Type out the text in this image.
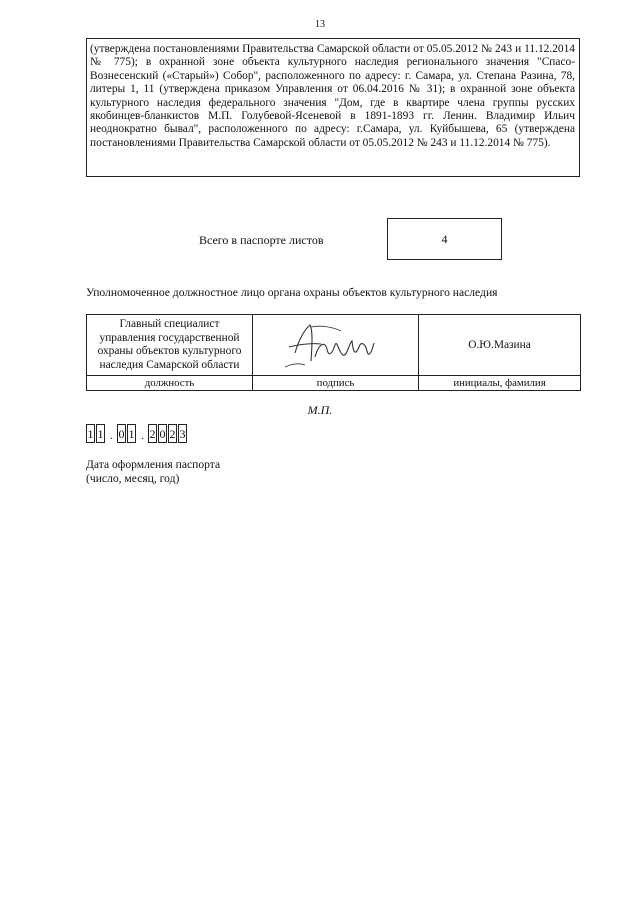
13
(утверждена постановлениями Правительства Самарской области от 05.05.2012 № 243 и 11.12.2014 № 775); в охранной зоне объекта культурного наследия регионального значения "Спасо-Вознесенский («Старый») Собор", расположенного по адресу: г. Самара, ул. Степана Разина, 78, литеры 1, 11 (утверждена приказом Управления от 06.04.2016 № 31); в охранной зоне объекта культурного наследия федерального значения "Дом, где в квартире члена группы русских якобинцев-бланкистов М.П. Голубевой-Ясеневой в 1891-1893 гг. Ленин. Владимир Ильич неоднократно бывал", расположенного по адресу: г.Самара, ул. Куйбышева, 65 (утверждена постановлениями Правительства Самарской области от 05.05.2012 № 243 и 11.12.2014 № 775).
Всего в паспорте листов	4
Уполномоченное должностное лицо органа охраны объектов культурного наследия
Главный специалист
управления государственной
охраны объектов культурного
наследия Самарской области		О.Ю.Мазина
должность	подпись	инициалы, фамилия
М.П.
1 1 . 0 1 . 2 0 2 3
Дата оформления паспорта
(число, месяц, год)
